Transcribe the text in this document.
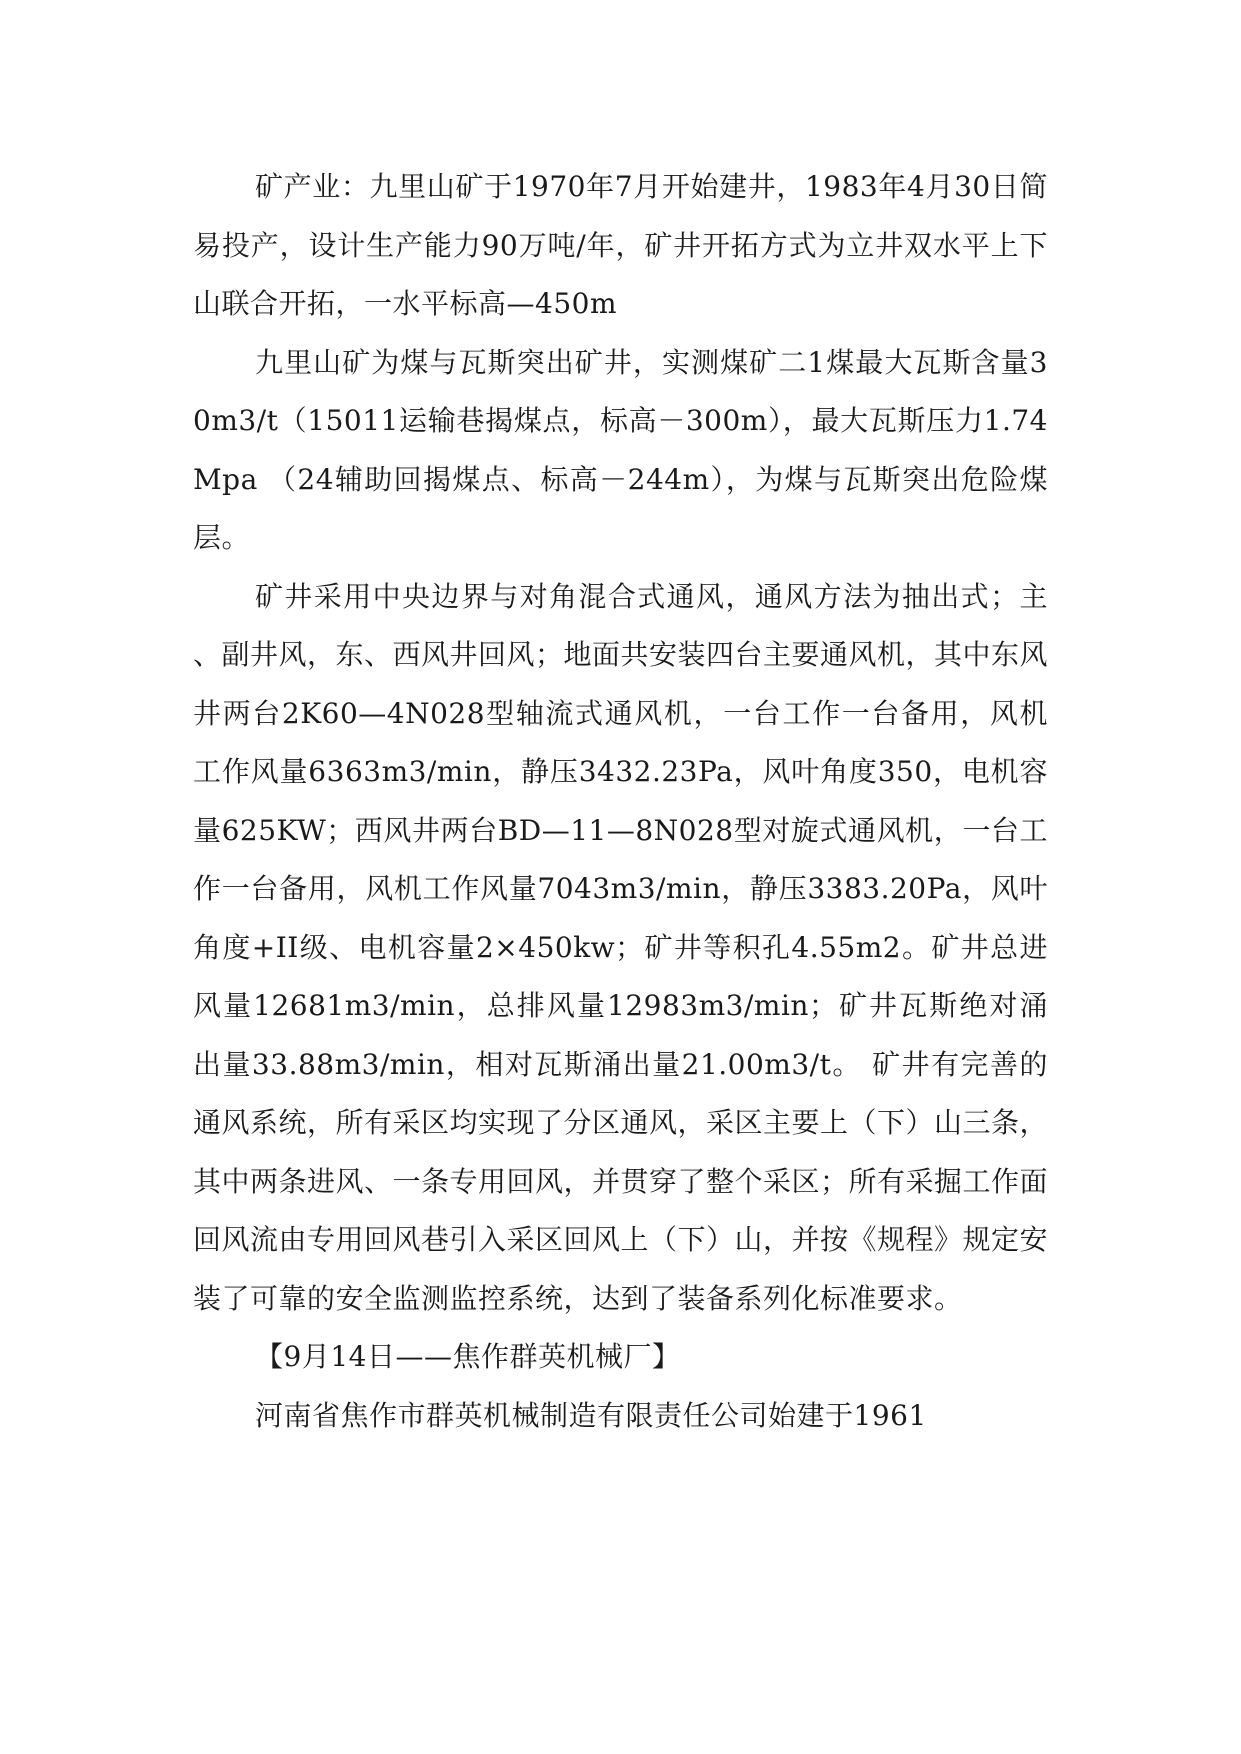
矿产业：九里山矿于1970年7月开始建井，1983年4月30日简易投产，设计生产能力90万吨/年，矿井开拓方式为立井双水平上下山联合开拓，一水平标高—450m

九里山矿为煤与瓦斯突出矿井，实测煤矿二1煤最大瓦斯含量30m3/t（15011运输巷揭煤点，标高－300m），最大瓦斯压力1.74Mpa （24辅助回揭煤点、标高－244m），为煤与瓦斯突出危险煤层。

矿井采用中央边界与对角混合式通风，通风方法为抽出式；主、副井风，东、西风井回风；地面共安装四台主要通风机，其中东风井两台2K60—4N028型轴流式通风机，一台工作一台备用，风机工作风量6363m3/min，静压3432.23Pa，风叶角度350，电机容量625KW；西风井两台BD—11—8N028型对旋式通风机，一台工作一台备用，风机工作风量7043m3/min，静压3383.20Pa，风叶角度+II级、电机容量2×450kw；矿井等积孔4.55m2。矿井总进风量12681m3/min，总排风量12983m3/min；矿井瓦斯绝对涌出量33.88m3/min，相对瓦斯涌出量21.00m3/t。 矿井有完善的通风系统，所有采区均实现了分区通风，采区主要上（下）山三条，其中两条进风、一条专用回风，并贯穿了整个采区；所有采掘工作面回风流由专用回风巷引入采区回风上（下）山，并按《规程》规定安装了可靠的安全监测监控系统，达到了装备系列化标准要求。

【9月14日——焦作群英机械厂】

河南省焦作市群英机械制造有限责任公司始建于1961
